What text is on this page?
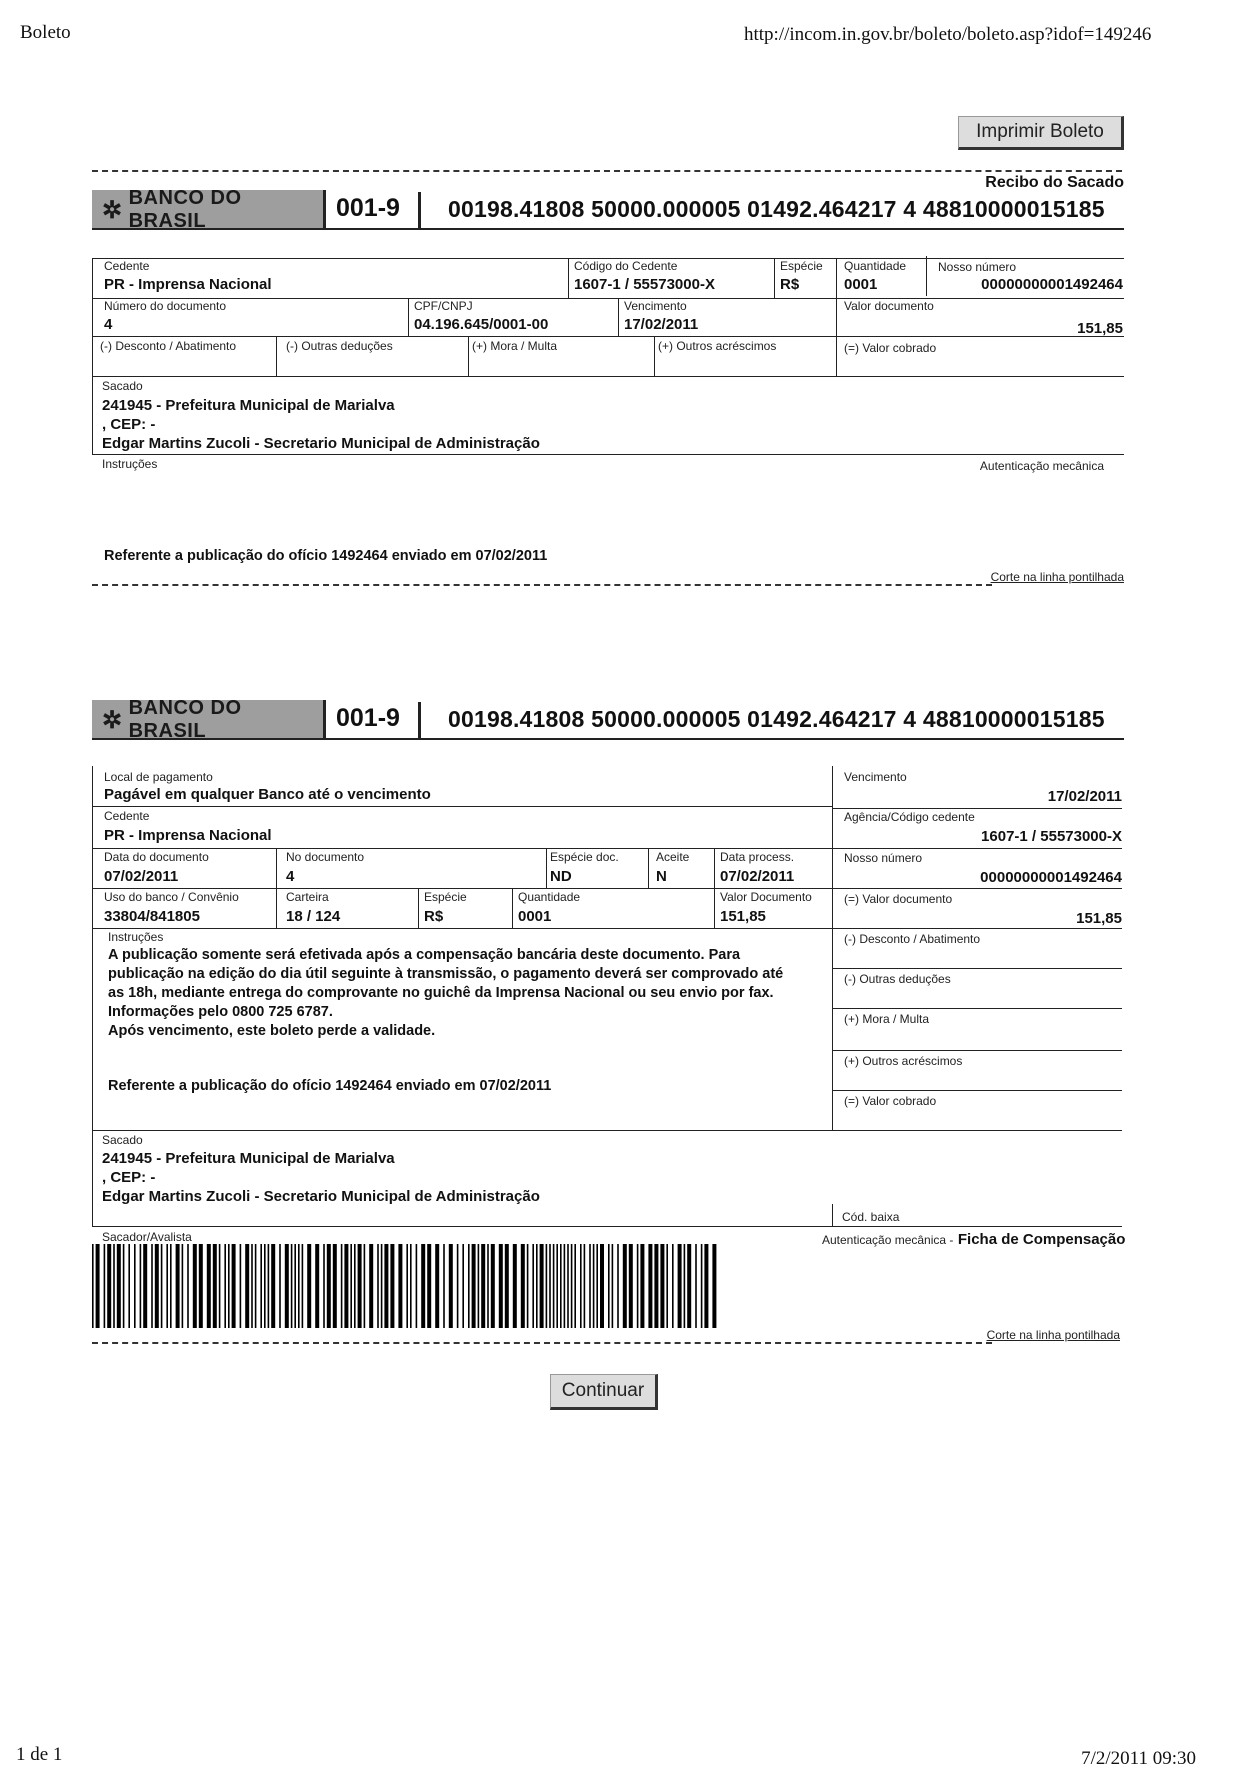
Boleto	http://incom.in.gov.br/boleto/boleto.asp?idof=149246
Imprimir Boleto
Recibo do Sacado
✲ BANCO DO BRASIL	001-9 00198.41808 50000.000005 01492.464217 4 48810000015185
Cedente
PR - Imprensa Nacional
Código do Cedente
1607-1 / 55573000-X
Espécie
R$
Quantidade
0001
Nosso número
00000000001492464
Número do documento
4
CPF/CNPJ
04.196.645/0001-00
Vencimento
17/02/2011
Valor documento
151,85
(-) Desconto / Abatimento	(-) Outras deduções	(+) Mora / Multa	(+) Outros acréscimos	(=) Valor cobrado
Sacado
241945 - Prefeitura Municipal de Marialva
, CEP: -
Edgar Martins Zucoli - Secretario Municipal de Administração
Instruções	Autenticação mecânica
Referente a publicação do ofício 1492464 enviado em 07/02/2011
Corte na linha pontilhada
✲ BANCO DO BRASIL	001-9 00198.41808 50000.000005 01492.464217 4 48810000015185
Local de pagamento
Pagável em qualquer Banco até o vencimento
Vencimento
17/02/2011
Cedente
PR - Imprensa Nacional
Agência/Código cedente
1607-1 / 55573000-X
Data do documento
07/02/2011
No documento
4
Espécie doc.
ND
Aceite
N
Data process.
07/02/2011
Nosso número
00000000001492464
Uso do banco / Convênio
33804/841805
Carteira
18 / 124
Espécie
R$
Quantidade
0001
Valor Documento
151,85
(=) Valor documento
151,85
Instruções
A publicação somente será efetivada após a compensação bancária deste documento. Para
publicação na edição do dia útil seguinte à transmissão, o pagamento deverá ser comprovado até
as 18h, mediante entrega do comprovante no guichê da Imprensa Nacional ou seu envio por fax.
Informações pelo 0800 725 6787.
Após vencimento, este boleto perde a validade.
Referente a publicação do ofício 1492464 enviado em 07/02/2011
(-) Desconto / Abatimento
(-) Outras deduções
(+) Mora / Multa
(+) Outros acréscimos
(=) Valor cobrado
Sacado
241945 - Prefeitura Municipal de Marialva
, CEP: -
Edgar Martins Zucoli - Secretario Municipal de Administração
Cód. baixa
Sacador/Avalista	Autenticação mecânica - Ficha de Compensação
Corte na linha pontilhada
Continuar
1 de 1	7/2/2011 09:30
